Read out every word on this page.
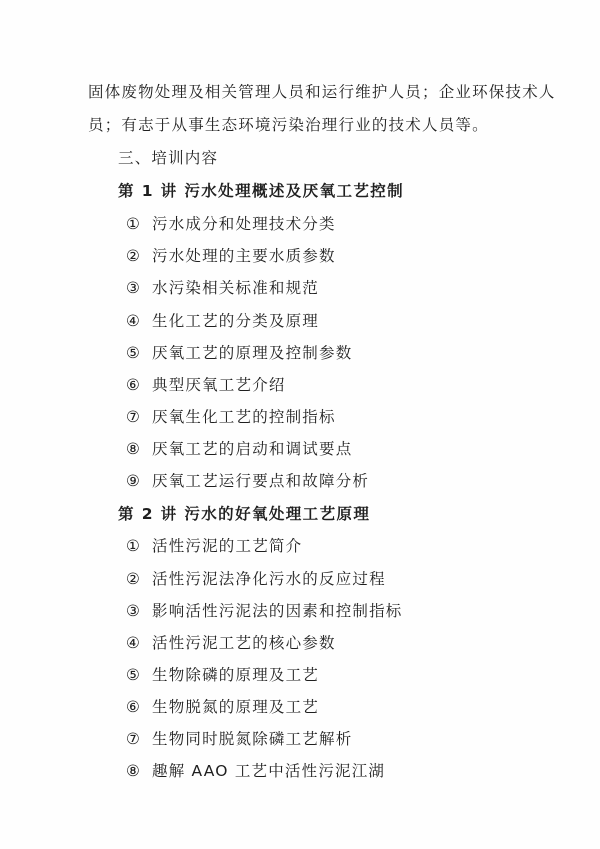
固体废物处理及相关管理人员和运行维护人员；企业环保技术人
员；有志于从事生态环境污染治理行业的技术人员等。
三、培训内容
第 1 讲 污水处理概述及厌氧工艺控制
① 污水成分和处理技术分类
② 污水处理的主要水质参数
③ 水污染相关标准和规范
④ 生化工艺的分类及原理
⑤ 厌氧工艺的原理及控制参数
⑥ 典型厌氧工艺介绍
⑦ 厌氧生化工艺的控制指标
⑧ 厌氧工艺的启动和调试要点
⑨ 厌氧工艺运行要点和故障分析
第 2 讲 污水的好氧处理工艺原理
① 活性污泥的工艺简介
② 活性污泥法净化污水的反应过程
③ 影响活性污泥法的因素和控制指标
④ 活性污泥工艺的核心参数
⑤ 生物除磷的原理及工艺
⑥ 生物脱氮的原理及工艺
⑦ 生物同时脱氮除磷工艺解析
⑧ 趣解 AAO 工艺中活性污泥江湖
